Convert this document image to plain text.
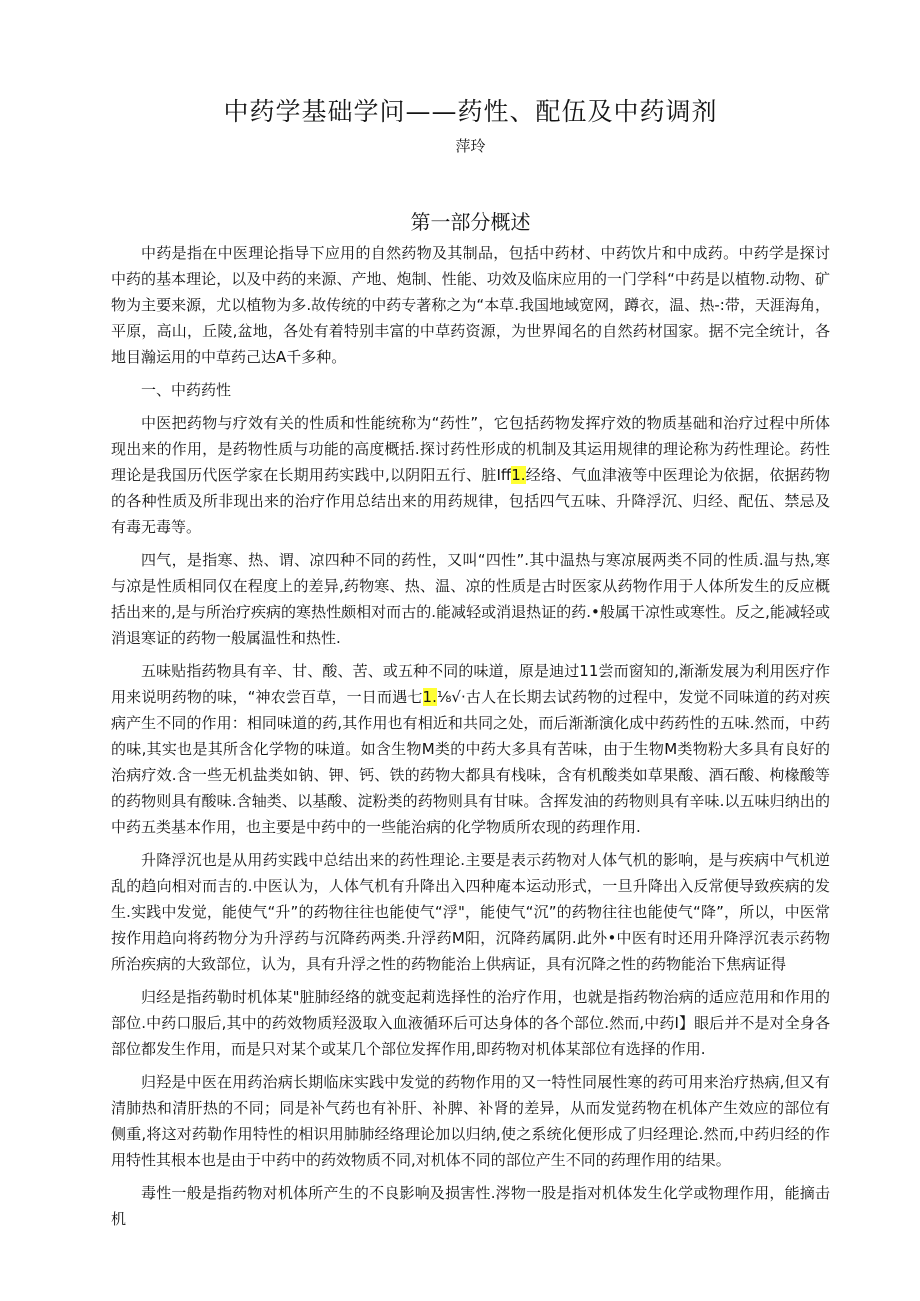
中药学基础学问——药性、配伍及中药调剂

萍玲

第一部分概述

中药是指在中医理论指导下应用的自然药物及其制品，包括中药材、中药饮片和中成药。中药学是探讨中药的基本理论，以及中药的来源、产地、炮制、性能、功效及临床应用的一门学科“中药是以植物.动物、矿物为主要来源，尤以植物为多.故传统的中药专著称之为“本草.我国地域宽网，蹲衣，温、热-:带，天涯海角，平原，高山，丘陵,盆地，各处有着特别丰富的中草药资源，为世界闻名的自然药材国家。据不完全统计，各地目瀚运用的中草药己达A千多种。

一、中药药性

中医把药物与疗效有关的性质和性能统称为“药性”，它包括药物发挥疗效的物质基础和治疗过程中所体现出来的作用，是药物性质与功能的高度概括.探讨药性形成的机制及其运用规律的理论称为药性理论。药性理论是我国历代医学家在长期用药实践中,以阴阳五行、脏Iff1.经络、气血津液等中医理论为依据，依据药物的各种性质及所非现出来的治疗作用总结出来的用药规律，包括四气五味、升降浮沉、归经、配伍、禁忌及有毒无毒等。

四气，是指寒、热、谓、凉四种不同的药性，又叫“四性”.其中温热与寒凉展两类不同的性质.温与热,寒与凉是性质相同仅在程度上的差异,药物寒、热、温、凉的性质是古时医家从药物作用于人体所发生的反应概括出来的,是与所治疗疾病的寒热性颇相对而古的.能减轻或消退热证的药.•般属干凉性或寒性。反之,能减轻或消退寒证的药物一般属温性和热性.

五味贴指药物具有辛、甘、酸、苦、或五种不同的味道，原是迪过11尝而窗知的,渐渐发展为利用医疗作用来说明药物的味，“神农尝百草，一日而遇七1.⅛√·古人在长期去试药物的过程中，发觉不同味道的药对疾病产生不同的作用：相同味道的药,其作用也有相近和共同之处，而后渐渐演化成中药药性的五味.然而，中药的味,其实也是其所含化学物的味道。如含生物M类的中药大多具有苦味，由于生物M类物粉大多具有良好的治病疗效.含一些无机盐类如钠、钾、钙、铁的药物大都具有栈味，含有机酸类如草果酸、酒石酸、枸椽酸等的药物则具有酸味.含轴类、以基酸、淀粉类的药物则具有甘味。含挥发油的药物则具有辛味.以五味归纳出的中药五类基本作用，也主要是中药中的一些能治病的化学物质所农现的药理作用.

升降浮沉也是从用药实践中总结出来的药性理论.主要是表示药物对人体气机的影响，是与疾病中气机逆乱的趋向相对而吉的.中医认为，人体气机有升降出入四种庵本运动形式，一旦升降出入反常便导致疾病的发生.实践中发觉，能使气“升”的药物往往也能使气“浮"，能使气“沉”的药物往往也能使气“降”，所以，中医常按作用趋向将药物分为升浮药与沉降药两类.升浮药M阳，沉降药属阴.此外•中医有时还用升降浮沉表示药物所治疾病的大致部位，认为，具有升浮之性的药物能治上供病证，具有沉降之性的药物能治下焦病证得

归经是指药勒时机体某"脏肺经络的就变起莉选择性的治疗作用，也就是指药物治病的适应范用和作用的部位.中药口服后,其中的药效物质羟汲取入血液循环后可达身体的各个部位.然而,中药I】眼后并不是对全身各部位都发生作用，而是只对某个或某几个部位发挥作用,即药物对机体某部位有选择的作用.

归羟是中医在用药治病长期临床实践中发觉的药物作用的又一特性同展性寒的药可用来治疗热病,但又有清肺热和清肝热的不同；同是补气药也有补肝、补脾、补肾的差异，从而发觉药物在机体产生效应的部位有侧重,将这对药勒作用特性的相识用肺肺经络理论加以归纳,使之系统化便形成了归经理论.然而,中药归经的作用特性其根本也是由于中药中的药效物质不同,对机体不同的部位产生不同的药理作用的结果。

毒性一般是指药物对机体所产生的不良影响及损害性.涔物一股是指对机体发生化学或物理作用，能摘击机
